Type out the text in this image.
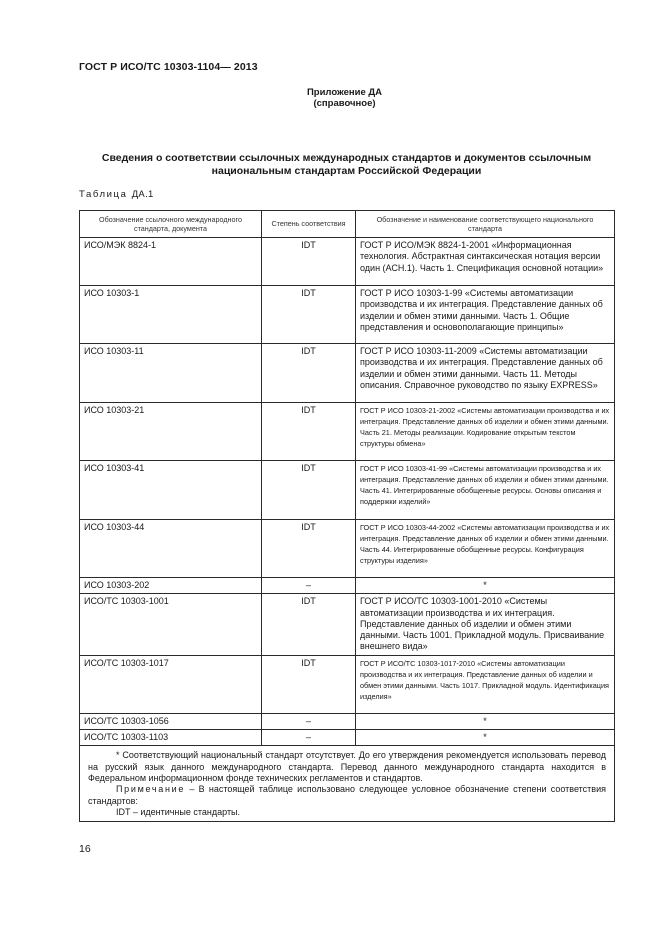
ГОСТ Р ИСО/ТС 10303-1104— 2013
Приложение ДА
(справочное)
Сведения о соответствии ссылочных международных стандартов и документов ссылочным национальным стандартам Российской Федерации
Таблица ДА.1
Обозначение ссылочного международного стандарта, документа	Степень соответствия	Обозначение и наименование соответствующего национального стандарта
ИСО/МЭК 8824-1	IDT	ГОСТ Р ИСО/МЭК 8824-1-2001 «Информационная технология. Абстрактная синтаксическая нотация версии один (АСН.1). Часть 1. Спецификация основной нотации»
ИСО 10303-1	IDT	ГОСТ Р ИСО 10303-1-99 «Системы автоматизации производства и их интеграция. Представление данных об изделии и обмен этими данными. Часть 1. Общие представления и основополагающие принципы»
ИСО 10303-11	IDT	ГОСТ Р ИСО 10303-11-2009 «Системы автоматизации производства и их интеграция. Представление данных об изделии и обмен этими данными. Часть 11. Методы описания. Справочное руководство по языку EXPRESS»
ИСО 10303-21	IDT	ГОСТ Р ИСО 10303-21-2002 «Системы автоматизации производства и их интеграция. Представление данных об изделии и обмен этими данными. Часть 21. Методы реализации. Кодирование открытым текстом структуры обмена»
ИСО 10303-41	IDT	ГОСТ Р ИСО 10303-41-99 «Системы автоматизации производства и их интеграция. Представление данных об изделии и обмен этими данными. Часть 41. Интегрированные обобщенные ресурсы. Основы описания и поддержки изделий»
ИСО 10303-44	IDT	ГОСТ Р ИСО 10303-44-2002 «Системы автоматизации производства и их интеграция. Представление данных об изделии и обмен этими данными. Часть 44. Интегрированные обобщенные ресурсы. Конфигурация структуры изделия»
ИСО 10303-202	–	*
ИСО/ТС 10303-1001	IDT	ГОСТ Р ИСО/ТС 10303-1001-2010 «Системы автоматизации производства и их интеграция. Представление данных об изделии и обмен этими данными. Часть 1001. Прикладной модуль. Присваивание внешнего вида»
ИСО/ТС 10303-1017	IDT	ГОСТ Р ИСО/ТС 10303-1017-2010 «Системы автоматизации производства и их интеграция. Представление данных об изделии и обмен этими данными. Часть 1017. Прикладной модуль. Идентификация изделия»
ИСО/ТС 10303-1056	–	*
ИСО/ТС 10303-1103	–	*

* Соответствующий национальный стандарт отсутствует. До его утверждения рекомендуется использовать перевод на русский язык данного международного стандарта. Перевод данного международного стандарта находится в Федеральном информационном фонде технических регламентов и стандартов.
Примечание – В настоящей таблице использовано следующее условное обозначение степени соответствия стандартов:
IDT – идентичные стандарты.		
16
